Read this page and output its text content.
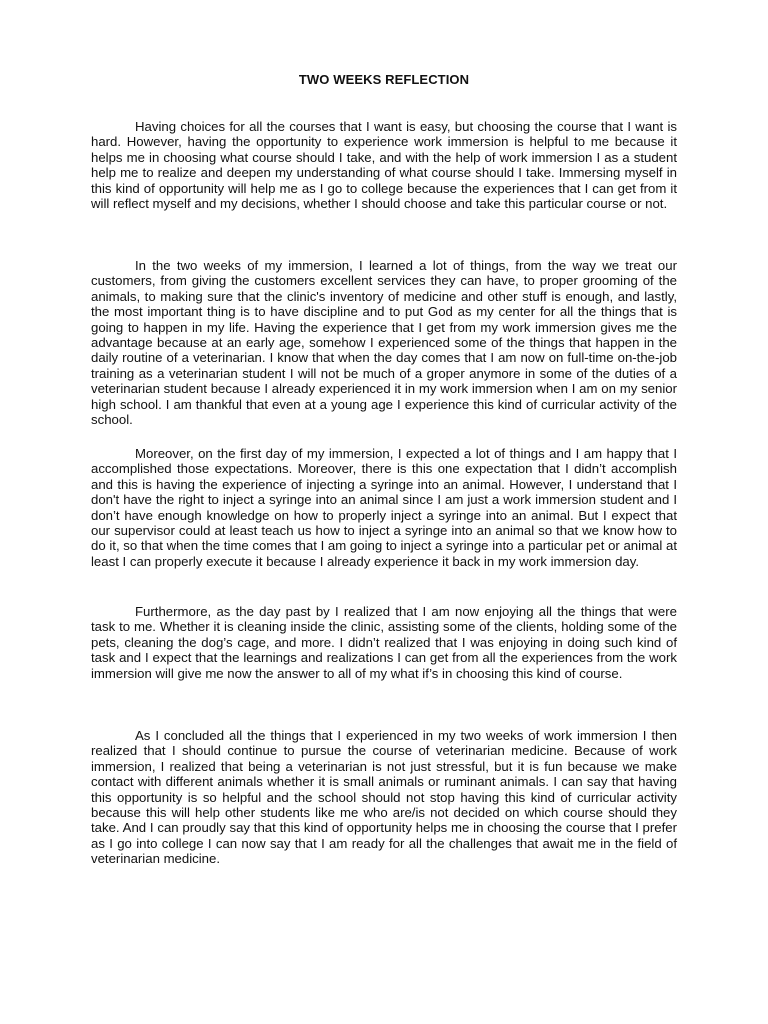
TWO WEEKS REFLECTION

Having choices for all the courses that I want is easy, but choosing the course that I want is hard. However, having the opportunity to experience work immersion is helpful to me because it helps me in choosing what course should I take, and with the help of work immersion I as a student help me to realize and deepen my understanding of what course should I take. Immersing myself in this kind of opportunity will help me as I go to college because the experiences that I can get from it will reflect myself and my decisions, whether I should choose and take this particular course or not.

In the two weeks of my immersion, I learned a lot of things, from the way we treat our customers, from giving the customers excellent services they can have, to proper grooming of the animals, to making sure that the clinic's inventory of medicine and other stuff is enough, and lastly, the most important thing is to have discipline and to put God as my center for all the things that is going to happen in my life. Having the experience that I get from my work immersion gives me the advantage because at an early age, somehow I experienced some of the things that happen in the daily routine of a veterinarian. I know that when the day comes that I am now on full-time on-the-job training as a veterinarian student I will not be much of a groper anymore in some of the duties of a veterinarian student because I already experienced it in my work immersion when I am on my senior high school. I am thankful that even at a young age I experience this kind of curricular activity of the school.

Moreover, on the first day of my immersion, I expected a lot of things and I am happy that I accomplished those expectations. Moreover, there is this one expectation that I didn’t accomplish and this is having the experience of injecting a syringe into an animal. However, I understand that I don't have the right to inject a syringe into an animal since I am just a work immersion student and I don’t have enough knowledge on how to properly inject a syringe into an animal. But I expect that our supervisor could at least teach us how to inject a syringe into an animal so that we know how to do it, so that when the time comes that I am going to inject a syringe into a particular pet or animal at least I can properly execute it because I already experience it back in my work immersion day.

Furthermore, as the day past by I realized that I am now enjoying all the things that were task to me. Whether it is cleaning inside the clinic, assisting some of the clients, holding some of the pets, cleaning the dog’s cage, and more. I didn’t realized that I was enjoying in doing such kind of task and I expect that the learnings and realizations I can get from all the experiences from the work immersion will give me now the answer to all of my what if’s in choosing this kind of course.

As I concluded all the things that I experienced in my two weeks of work immersion I then realized that I should continue to pursue the course of veterinarian medicine. Because of work immersion, I realized that being a veterinarian is not just stressful, but it is fun because we make contact with different animals whether it is small animals or ruminant animals. I can say that having this opportunity is so helpful and the school should not stop having this kind of curricular activity because this will help other students like me who are/is not decided on which course should they take. And I can proudly say that this kind of opportunity helps me in choosing the course that I prefer as I go into college I can now say that I am ready for all the challenges that await me in the field of veterinarian medicine.
